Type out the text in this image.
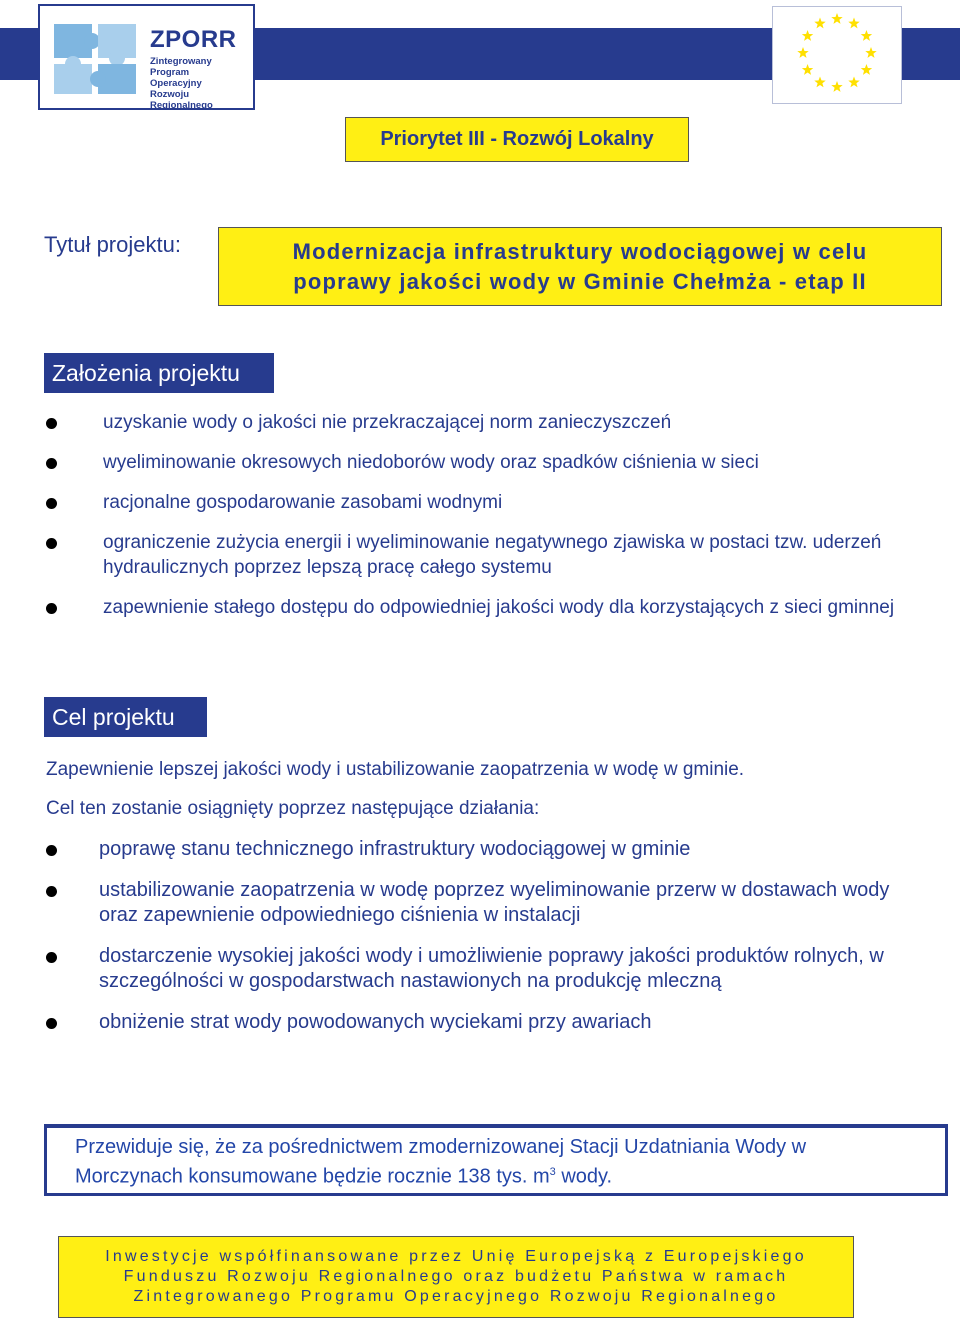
ZPORR
Zintegrowany Program
Operacyjny
Rozwoju Regionalnego
Priorytet III - Rozwój Lokalny
Tytuł projektu:	Modernizacja infrastruktury wodociągowej w celu
poprawy jakości wody w Gminie Chełmża - etap II
Założenia projektu
uzyskanie wody o jakości nie przekraczającej norm zanieczyszczeń
wyeliminowanie okresowych niedoborów wody oraz spadków ciśnienia w sieci
racjonalne gospodarowanie zasobami wodnymi
ograniczenie zużycia energii i wyeliminowanie negatywnego zjawiska w postaci tzw. uderzeń hydraulicznych poprzez lepszą pracę całego systemu
zapewnienie stałego dostępu do odpowiedniej jakości wody dla korzystających z sieci gminnej
Cel projektu
Zapewnienie lepszej jakości wody i ustabilizowanie zaopatrzenia w wodę w gminie.
Cel ten zostanie osiągnięty poprzez następujące działania:
poprawę stanu technicznego infrastruktury wodociągowej w gminie
ustabilizowanie zaopatrzenia w wodę poprzez wyeliminowanie przerw w dostawach wody oraz zapewnienie odpowiedniego ciśnienia w instalacji
dostarczenie wysokiej jakości wody i umożliwienie poprawy jakości produktów rolnych, w szczególności w gospodarstwach nastawionych na produkcję mleczną
obniżenie strat wody powodowanych wyciekami przy awariach
Przewiduje się, że za pośrednictwem zmodernizowanej Stacji Uzdatniania Wody w Morczynach konsumowane będzie rocznie 138 tys. $m^3$ wody.
Inwestycje współfinansowane przez Unię Europejską z Europejskiego
Funduszu Rozwoju Regionalnego oraz budżetu Państwa w ramach
Zintegrowanego Programu Operacyjnego Rozwoju Regionalnego
